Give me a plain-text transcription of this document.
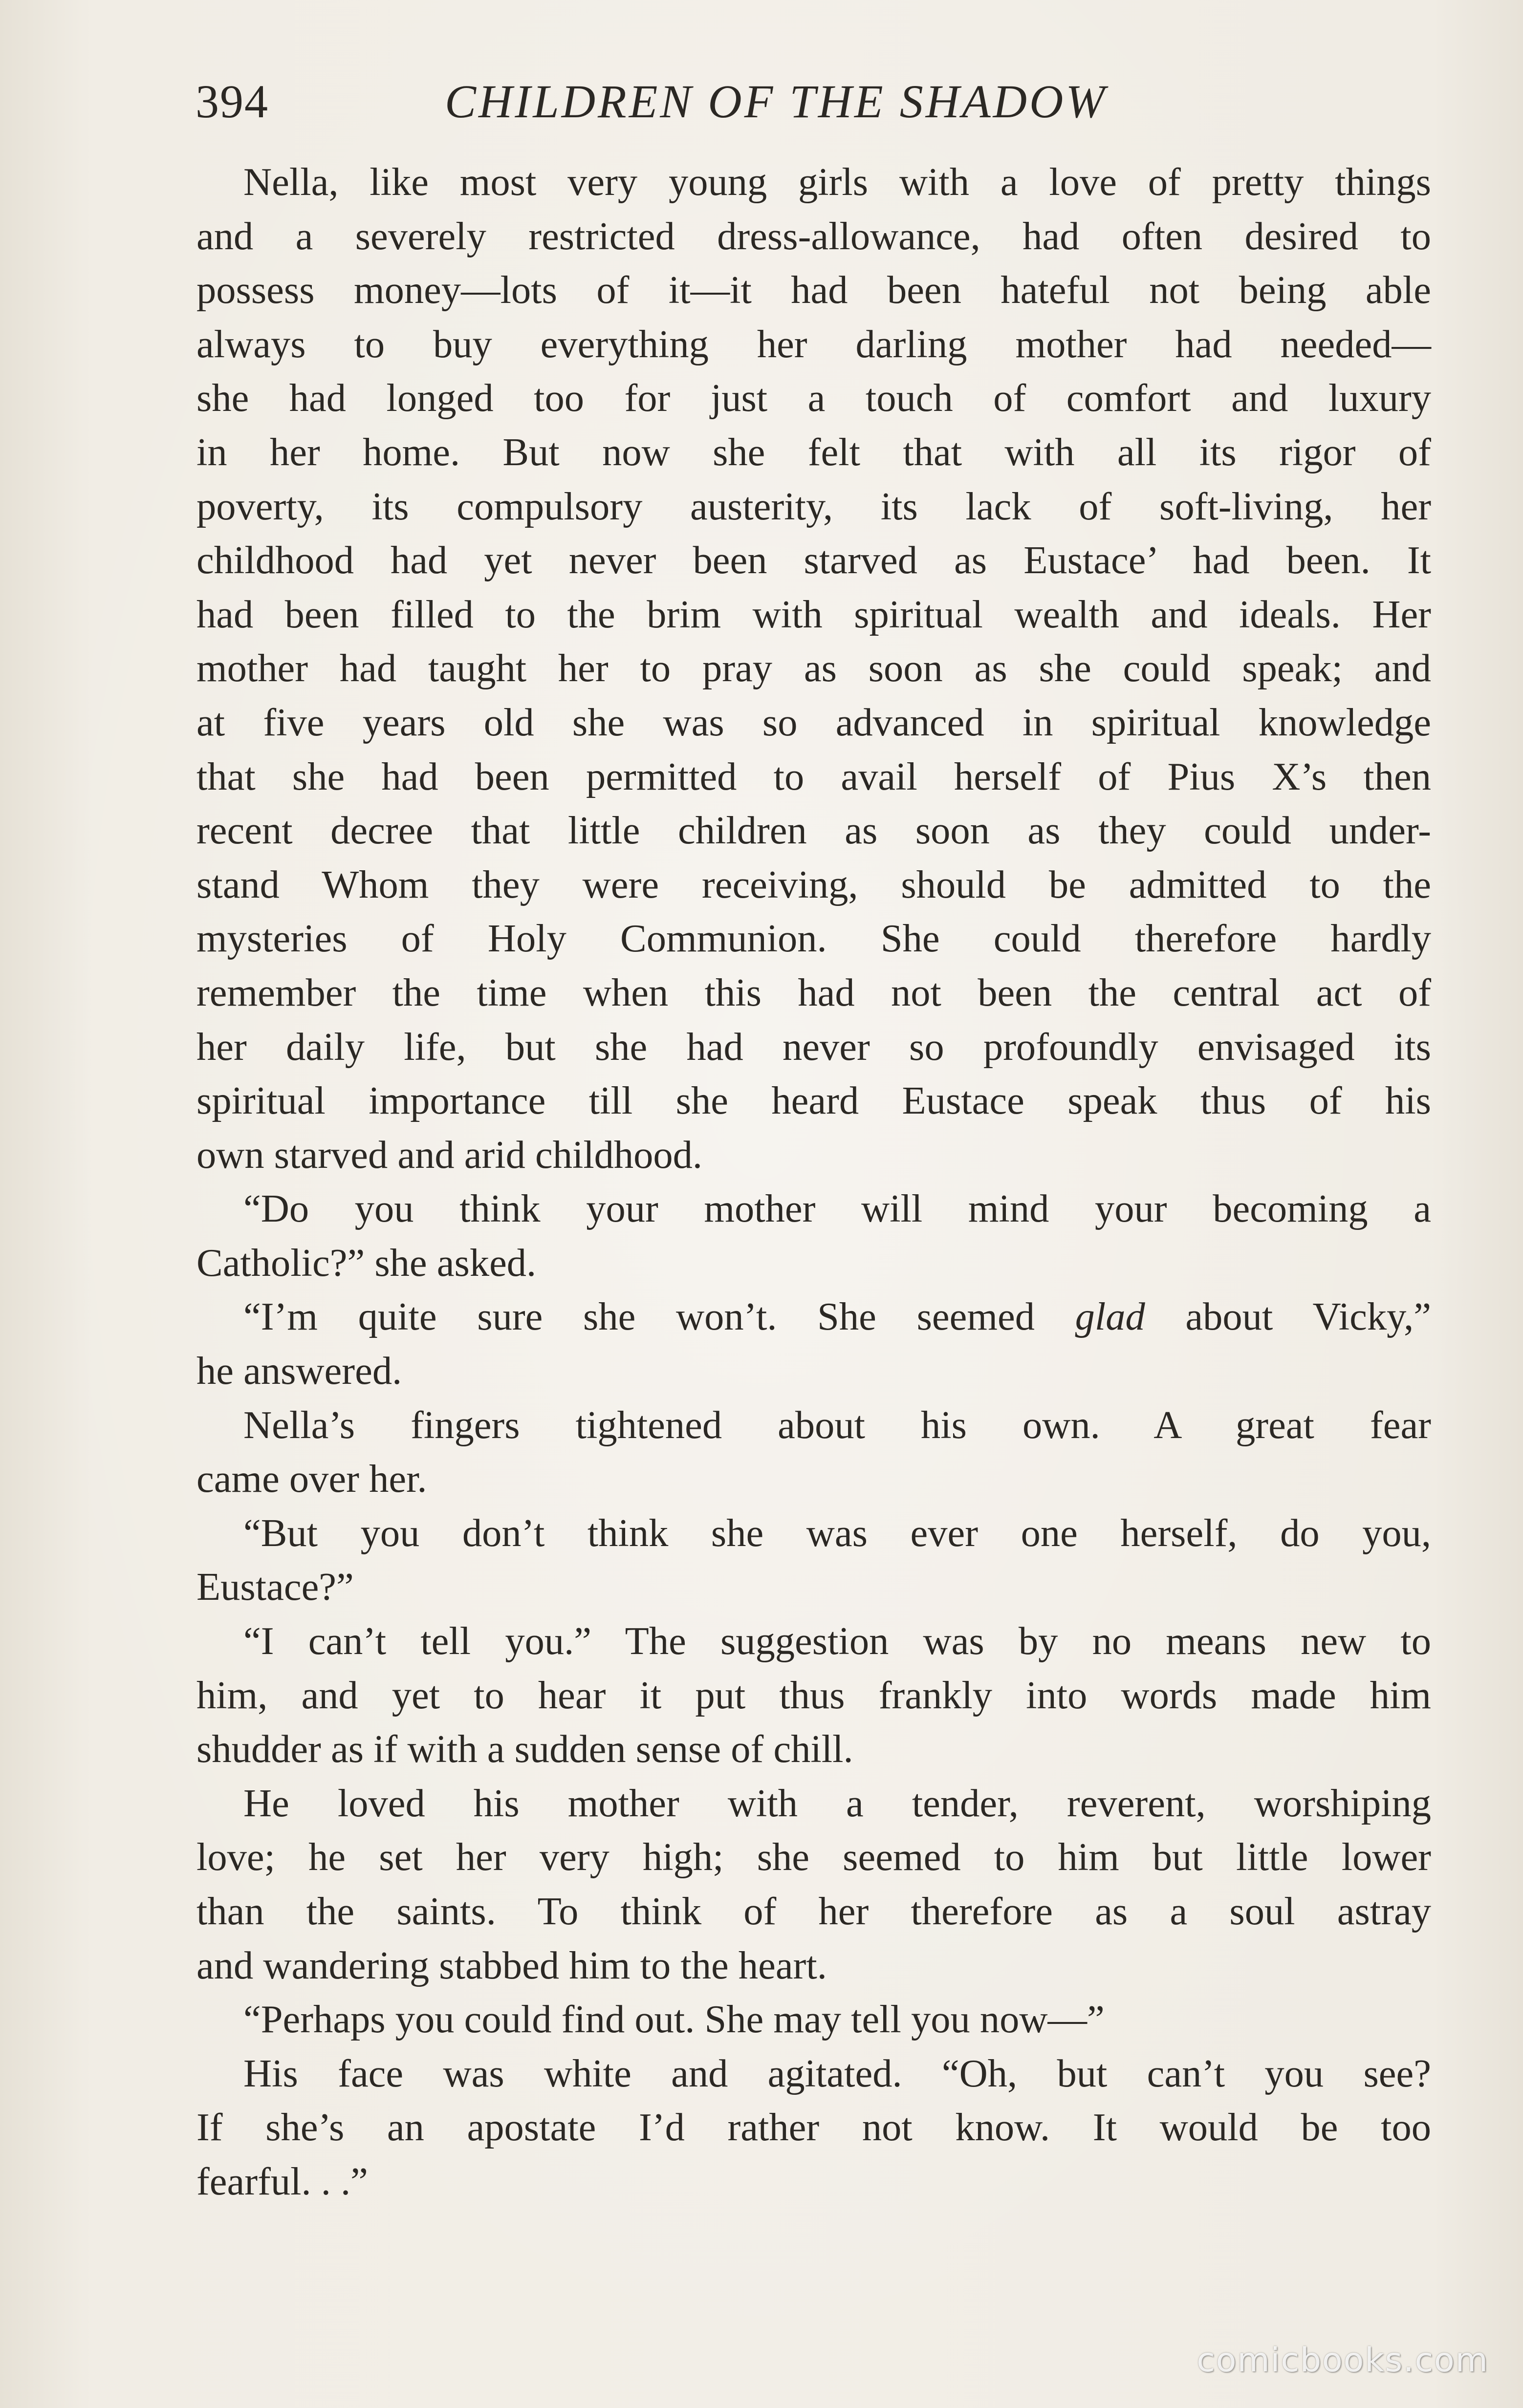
394	CHILDREN OF THE SHADOW

Nella, like most very young girls with a love of pretty things
and a severely restricted dress-allowance, had often desired to
possess money—lots of it—it had been hateful not being able
always to buy everything her darling mother had needed—
she had longed too for just a touch of comfort and luxury
in her home. But now she felt that with all its rigor of
poverty, its compulsory austerity, its lack of soft-living, her
childhood had yet never been starved as Eustace’ had been. It
had been filled to the brim with spiritual wealth and ideals. Her
mother had taught her to pray as soon as she could speak; and
at five years old she was so advanced in spiritual knowledge
that she had been permitted to avail herself of Pius X’s then
recent decree that little children as soon as they could under-
stand Whom they were receiving, should be admitted to the
mysteries of Holy Communion. She could therefore hardly
remember the time when this had not been the central act of
her daily life, but she had never so profoundly envisaged its
spiritual importance till she heard Eustace speak thus of his
own starved and arid childhood.

“Do you think your mother will mind your becoming a
Catholic?” she asked.

“I’m quite sure she won’t. She seemed glad about Vicky,”
he answered.

Nella’s fingers tightened about his own. A great fear
came over her.

“But you don’t think she was ever one herself, do you,
Eustace?”

“I can’t tell you.” The suggestion was by no means new to
him, and yet to hear it put thus frankly into words made him
shudder as if with a sudden sense of chill.

He loved his mother with a tender, reverent, worshiping
love; he set her very high; she seemed to him but little lower
than the saints. To think of her therefore as a soul astray
and wandering stabbed him to the heart.

“Perhaps you could find out. She may tell you now—”

His face was white and agitated. “Oh, but can’t you see?
If she’s an apostate I’d rather not know. It would be too
fearful. . .”

comicbooks.com
